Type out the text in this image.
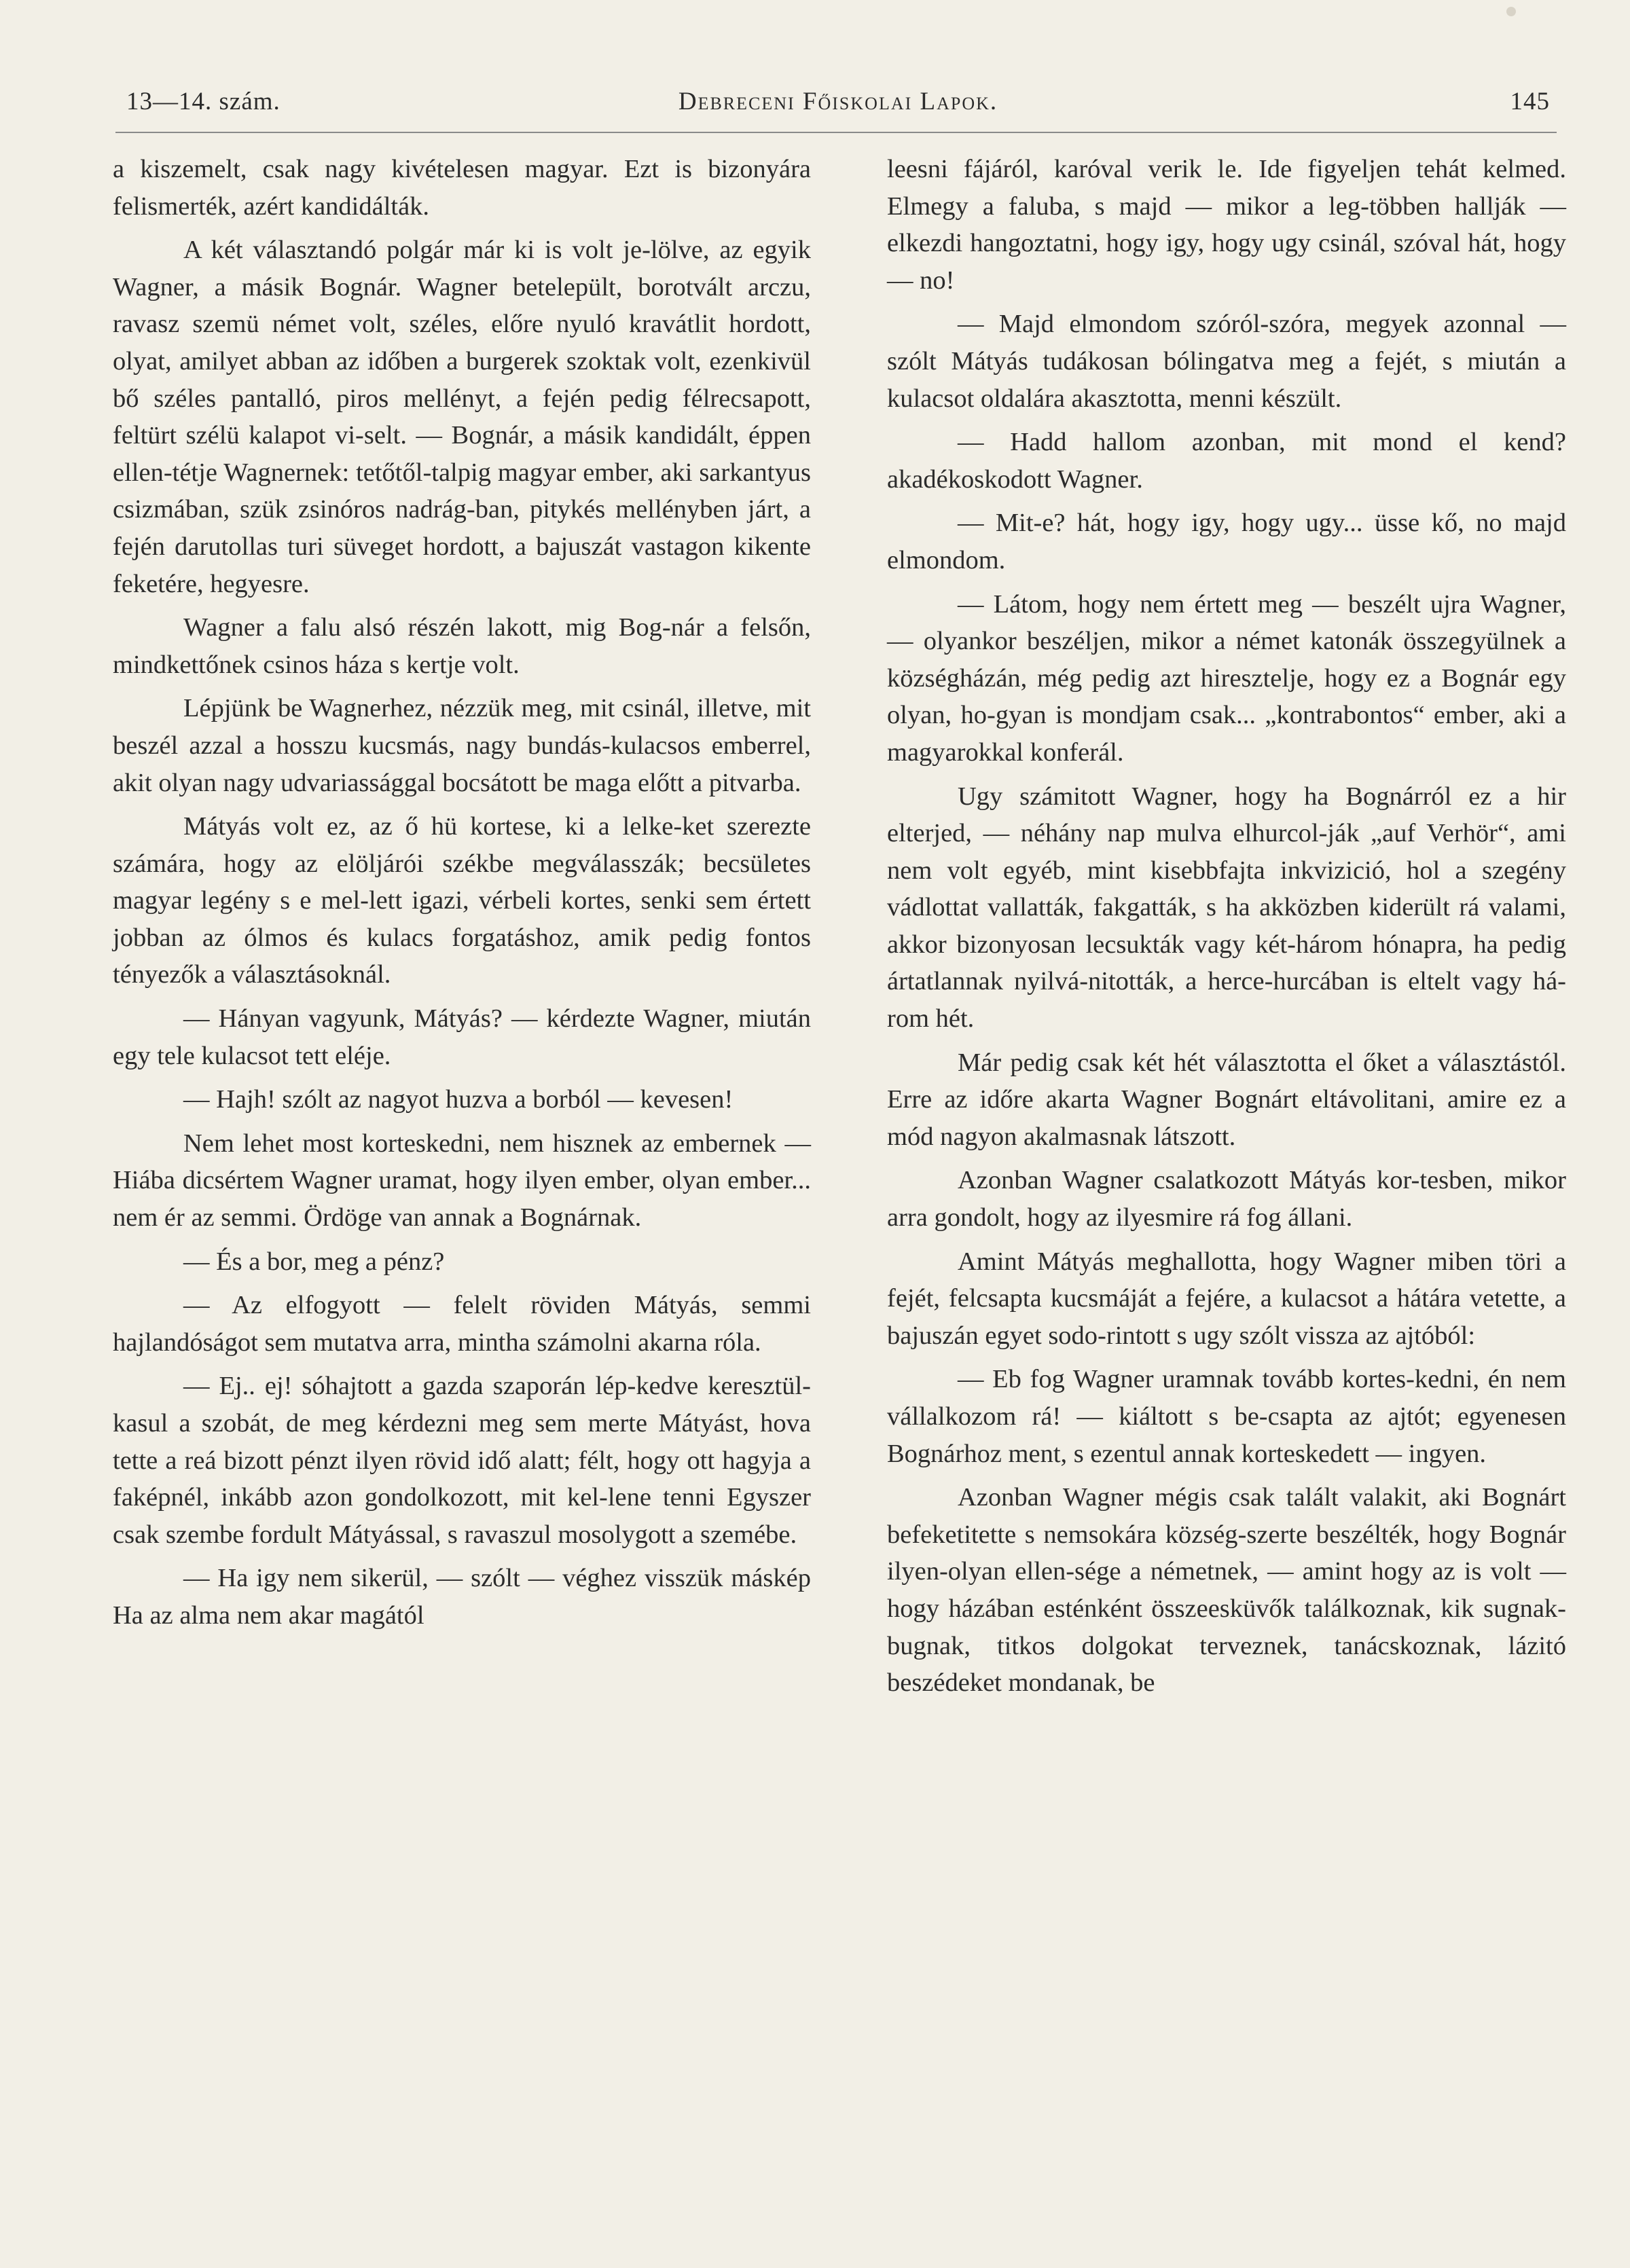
13—14. szám.	Debreceni Főiskolai Lapok.	145

a kiszemelt, csak nagy kivételesen magyar. Ezt is bizonyára felismerték, azért kandidálták.

A két választandó polgár már ki is volt je-lölve, az egyik Wagner, a másik Bognár. Wagner betelepült, borotvált arczu, ravasz szemü német volt, széles, előre nyuló kravátlit hordott, olyat, amilyet abban az időben a burgerek szoktak volt, ezenkivül bő széles pantalló, piros mellényt, a fején pedig félrecsapott, feltürt szélü kalapot vi-selt. — Bognár, a másik kandidált, éppen ellen-tétje Wagnernek: tetőtől-talpig magyar ember, aki sarkantyus csizmában, szük zsinóros nadrág-ban, pitykés mellényben járt, a fején darutollas turi süveget hordott, a bajuszát vastagon kikente feketére, hegyesre.

Wagner a falu alsó részén lakott, mig Bog-nár a felsőn, mindkettőnek csinos háza s kertje volt.

Lépjünk be Wagnerhez, nézzük meg, mit csinál, illetve, mit beszél azzal a hosszu kucsmás, nagy bundás-kulacsos emberrel, akit olyan nagy udvariassággal bocsátott be maga előtt a pitvarba.

Mátyás volt ez, az ő hü kortese, ki a lelke-ket szerezte számára, hogy az elöljárói székbe megválasszák; becsületes magyar legény s e mel-lett igazi, vérbeli kortes, senki sem értett jobban az ólmos és kulacs forgatáshoz, amik pedig fontos tényezők a választásoknál.

— Hányan vagyunk, Mátyás? — kérdezte Wagner, miután egy tele kulacsot tett eléje.

— Hajh! szólt az nagyot huzva a borból — kevesen!

Nem lehet most korteskedni, nem hisznek az embernek — Hiába dicsértem Wagner uramat, hogy ilyen ember, olyan ember... nem ér az semmi. Ördöge van annak a Bognárnak.

— És a bor, meg a pénz?

— Az elfogyott — felelt röviden Mátyás, semmi hajlandóságot sem mutatva arra, mintha számolni akarna róla.

— Ej.. ej! sóhajtott a gazda szaporán lép-kedve keresztül-kasul a szobát, de meg kérdezni meg sem merte Mátyást, hova tette a reá bizott pénzt ilyen rövid idő alatt; félt, hogy ott hagyja a faképnél, inkább azon gondolkozott, mit kel-lene tenni Egyszer csak szembe fordult Mátyással, s ravaszul mosolygott a szemébe.

— Ha igy nem sikerül, — szólt — véghez visszük máskép Ha az alma nem akar magától

leesni fájáról, karóval verik le. Ide figyeljen tehát kelmed. Elmegy a faluba, s majd — mikor a leg-többen hallják — elkezdi hangoztatni, hogy igy, hogy ugy csinál, szóval hát, hogy — no!

— Majd elmondom szóról-szóra, megyek azonnal — szólt Mátyás tudákosan bólingatva meg a fejét, s miután a kulacsot oldalára akasztotta, menni készült.

— Hadd hallom azonban, mit mond el kend? akadékoskodott Wagner.

— Mit-e? hát, hogy igy, hogy ugy... üsse kő, no majd elmondom.

— Látom, hogy nem értett meg — beszélt ujra Wagner, — olyankor beszéljen, mikor a német katonák összegyülnek a községházán, még pedig azt hiresztelje, hogy ez a Bognár egy olyan, ho-gyan is mondjam csak... „kontrabontos“ ember, aki a magyarokkal konferál.

Ugy számitott Wagner, hogy ha Bognárról ez a hir elterjed, — néhány nap mulva elhurcol-ják „auf Verhör“, ami nem volt egyéb, mint kisebbfajta inkvizició, hol a szegény vádlottat vallatták, fakgatták, s ha akközben kiderült rá valami, akkor bizonyosan lecsukták vagy két-három hónapra, ha pedig ártatlannak nyilvá-nitották, a herce-hurcában is eltelt vagy há-rom hét.

Már pedig csak két hét választotta el őket a választástól. Erre az időre akarta Wagner Bognárt eltávolitani, amire ez a mód nagyon akalmasnak látszott.

Azonban Wagner csalatkozott Mátyás kor-tesben, mikor arra gondolt, hogy az ilyesmire rá fog állani.

Amint Mátyás meghallotta, hogy Wagner miben töri a fejét, felcsapta kucsmáját a fejére, a kulacsot a hátára vetette, a bajuszán egyet sodo-rintott s ugy szólt vissza az ajtóból:

— Eb fog Wagner uramnak tovább kortes-kedni, én nem vállalkozom rá! — kiáltott s be-csapta az ajtót; egyenesen Bognárhoz ment, s ezentul annak korteskedett — ingyen.

Azonban Wagner mégis csak talált valakit, aki Bognárt befeketitette s nemsokára község-szerte beszélték, hogy Bognár ilyen-olyan ellen-sége a németnek, — amint hogy az is volt — hogy házában esténként összeesküvők találkoznak, kik sugnak-bugnak, titkos dolgokat terveznek, tanácskoznak, lázitó beszédeket mondanak, be
